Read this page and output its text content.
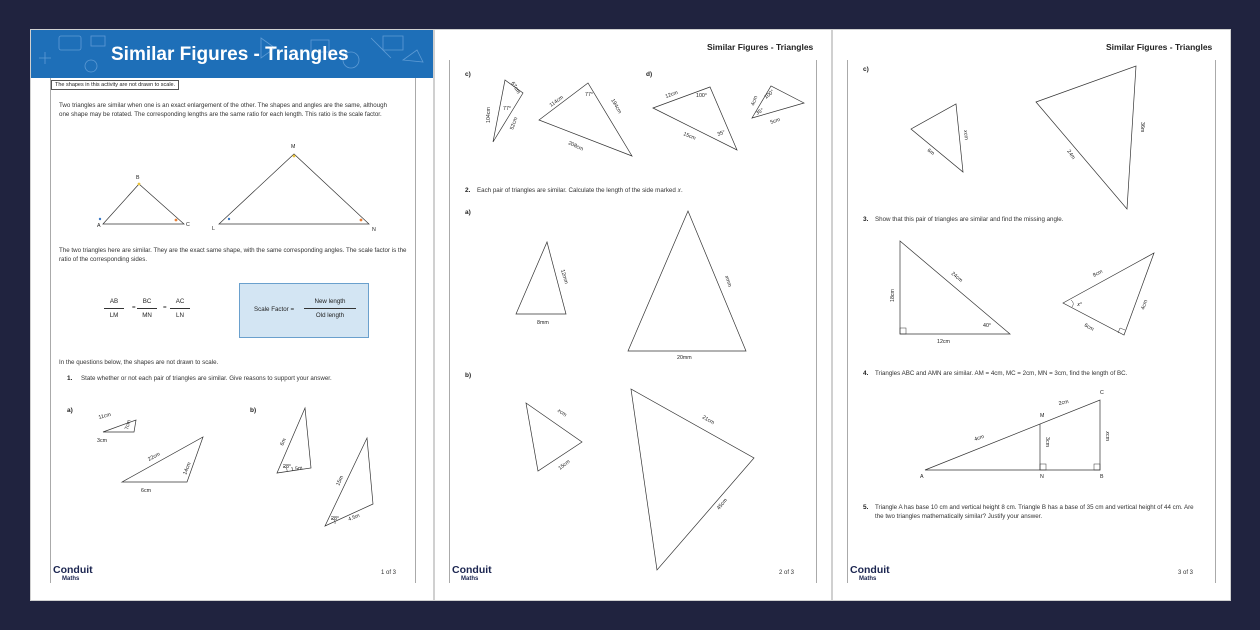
Similar Figures - Triangles
The shapes in this activity are not drawn to scale.
Two triangles are similar when one is an exact enlargement of the other. The shapes and angles are the same, although one shape may be rotated. The corresponding lengths are the same ratio for each length. This ratio is the scale factor.
A
B
C
L
M
N
The two triangles here are similar. They are the exact same shape, with the same corresponding angles. The scale factor is the ratio of the corresponding sides.
AB
LM
=
BC
MN
=
AC
LN
Scale Factor =
New length
Old length
In the questions below, the shapes are not drawn to scale.
1. State whether or not each pair of triangles are similar. Give reasons to support your answer.
a)	b)
11cm
7cm
3cm
22cm
14cm
6cm
6m
28° 1.5m
15m
4.5m
28°
Conduit
Maths
1 of 3
Similar Figures - Triangles
c)	d)
104cm
67cm
77°
52cm
114cm	77°
194cm
208cm
12cm	100°
35°
15cm
4cm
100°
35°
5cm
2. Each pair of triangles are similar. Calculate the length of the side marked 𝑥.
a)
b)
12mm
8mm
𝑥mm
20mm
𝑥cm
15cm
21cm
45cm
Conduit
Maths
2 of 3
Similar Figures - Triangles
c)
𝑥cm
6m
36m
24m
18cm
24cm
40°
12cm
8cm
𝑥°
6cm
4cm
A
M
N	B
C
4cm
2cm
3cm
𝑥cm
3. Show that this pair of triangles are similar and find the missing angle.
4. Triangles ABC and AMN are similar. AM = 4cm, MC = 2cm, MN = 3cm, find the length of BC.
5. Triangle A has base 10 cm and vertical height 8 cm. Triangle B has a base of 35 cm and vertical height of 44 cm. Are the two triangles mathematically similar? Justify your answer.
Conduit
Maths
3 of 3
